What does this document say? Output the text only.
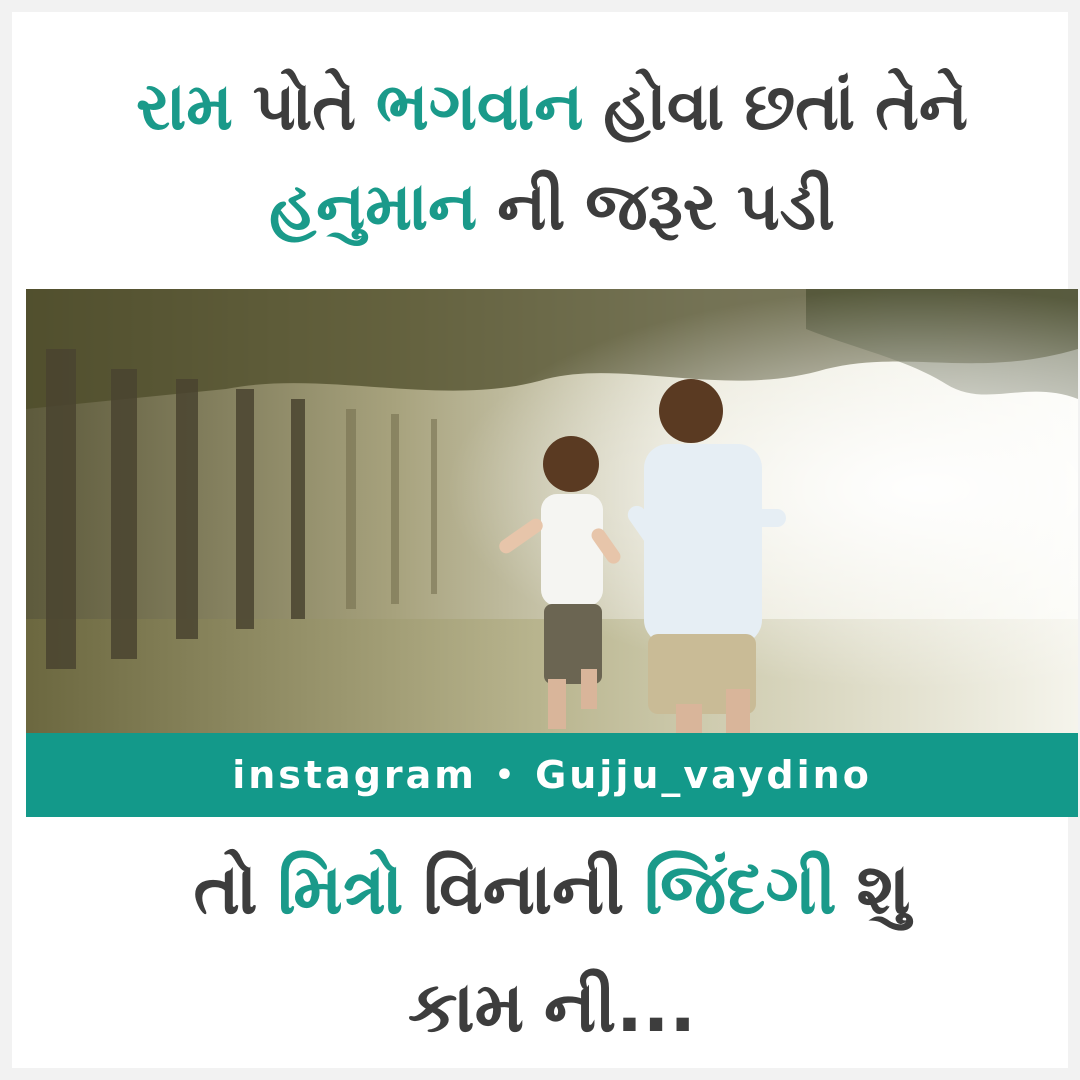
રામ પોતે ભગવાન હોવા છતાં તેને
હનુમાન ની જરૂર પડી
instagram • Gujju_vaydino
તો મિત્રો વિનાની જિંદગી શુ
કામ ની...
